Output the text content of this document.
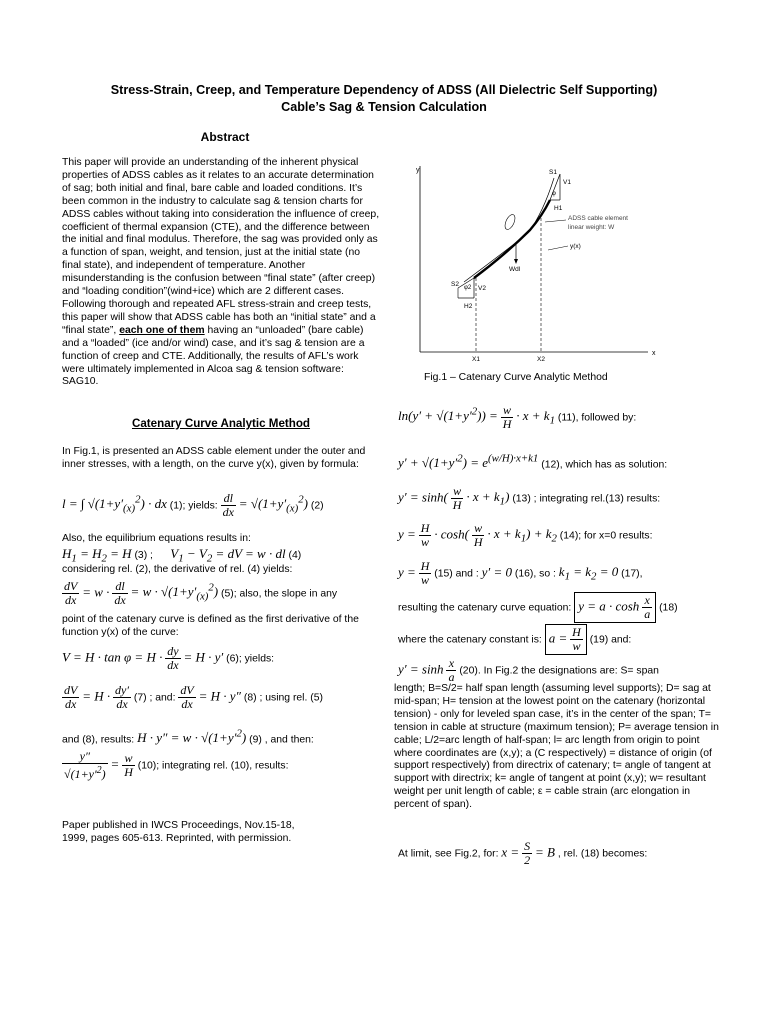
Stress-Strain, Creep, and Temperature Dependency of ADSS (All Dielectric Self Supporting)
Cable’s Sag & Tension Calculation
Abstract

This paper will provide an understanding of the inherent physical properties of ADSS cables as it relates to an accurate determination of sag; both initial and final, bare cable and loaded conditions. It’s been common in the industry to calculate sag & tension charts for ADSS cables without taking into consideration the influence of creep, coefficient of thermal expansion (CTE), and the difference between the initial and final modulus. Therefore, the sag was provided only as a function of span, weight, and tension, just at the initial state (no final state), and independent of temperature. Another misunderstanding is the confusion between “final state” (after creep) and “loading condition”(wind+ice) which are 2 different cases. Following thorough and repeated AFL stress-strain and creep tests, this paper will show that ADSS cable has both an “initial state” and a “final state”, each one of them having an “unloaded” (bare cable) and a “loaded” (ice and/or wind) case, and it’s sag & tension are a function of creep and CTE. Additionally, the results of AFL’s work were ultimately implemented in Alcoa sag & tension software: SAG10.

Catenary Curve Analytic Method
In Fig.1, is presented an ADSS cable element under the outer and inner stresses, with a length, on the curve y(x), given by formula:
l = ∫ $√(1+y'_{(x)}^2)$ · dx (1); yields: $\frac{dl}{dx} = √(1+y'_{(x)}^2)$ (2)
Also, the equilibrium equations results in:
$H_1 = H_2 = H$ (3) ; $V_1 - V_2$ = dV = w · dl (4)
considering rel. (2), the derivative of rel. (4) yields:
$\frac{dV}{dx} = w \cdot \frac{dl}{dx} = w \cdot √(1+y'_{(x)}^2)$ (5); also, the slope in any
point of the catenary curve is defined as the first derivative of the function y(x) of the curve:
$V = H \cdot \tan \varphi = H \cdot \frac{dy}{dx} = H \cdot y'$ (6); yields:
$\frac{dV}{dx} = H \cdot \frac{dy'}{dx} (7)$ ; and: $\frac{dV}{dx} = H \cdot y''$ (8) ; using rel. (5)
and (8), results: $H \cdot y'' = w \cdot √(1+y'^2)$ (9) , and then:
$\frac{y''}{√(1+y'^2)} = \frac{w}{H} (10)$; integrating rel. (10), results:
Paper published in IWCS Proceedings, Nov.15-18, 1999, pages 605-613. Reprinted, with permission.
y
x
X1	X2
S1
V1
H1
φ
S2
V2
H2
φ2
Wdl
ADSS cable element
linear weight: W
y(x)
Fig.1 – Catenary Curve Analytic Method
$\ln(y' + √(1+y'^2)) = \frac{w}{H} \cdot x + k_1$ (11), followed by:
$y' + √(1+y'^2) = e^{(w/H)\cdot x+k1}$ (12), which has as solution:
$y' = \sinh( \frac{w}{H} \cdot x + k_1)$ (13) ; integrating rel.(13) results:
$y = \frac{H}{w} \cdot \cosh( \frac{w}{H} \cdot x + k_1) + k_2$ (14); for x=0 results:
$y = \frac{H}{w} (15)$ and : y′ = 0 (16), so : $k_1 = k_2 = 0$ (17),
resulting the catenary curve equation: $y = a \cdot \cosh \frac{x}{a} (18)$
where the catenary constant is: $a = \frac{H}{w} (19)$ and:
$y' = \sinh \frac{x}{a} (20)$. In Fig.2 the designations are: S= span
length; B=S/2= half span length (assuming level supports); D= sag at mid-span; H= tension at the lowest point on the catenary (horizontal tension) - only for leveled span case, it’s in the center of the span; T= tension in cable at structure (maximum tension); P= average tension in cable; L/2=arc length of half-span; l= arc length from origin to point where coordinates are (x,y); a (C respectively) = distance of origin (of support respectively) from directrix of catenary; t= angle of tangent at support with directrix; k= angle of tangent at point (x,y); w= resultant weight per unit length of cable; ε = cable strain (arc elongation in percent of span).
At limit, see Fig.2, for: $x = \frac{S}{2} = B$ , rel. (18) becomes:
